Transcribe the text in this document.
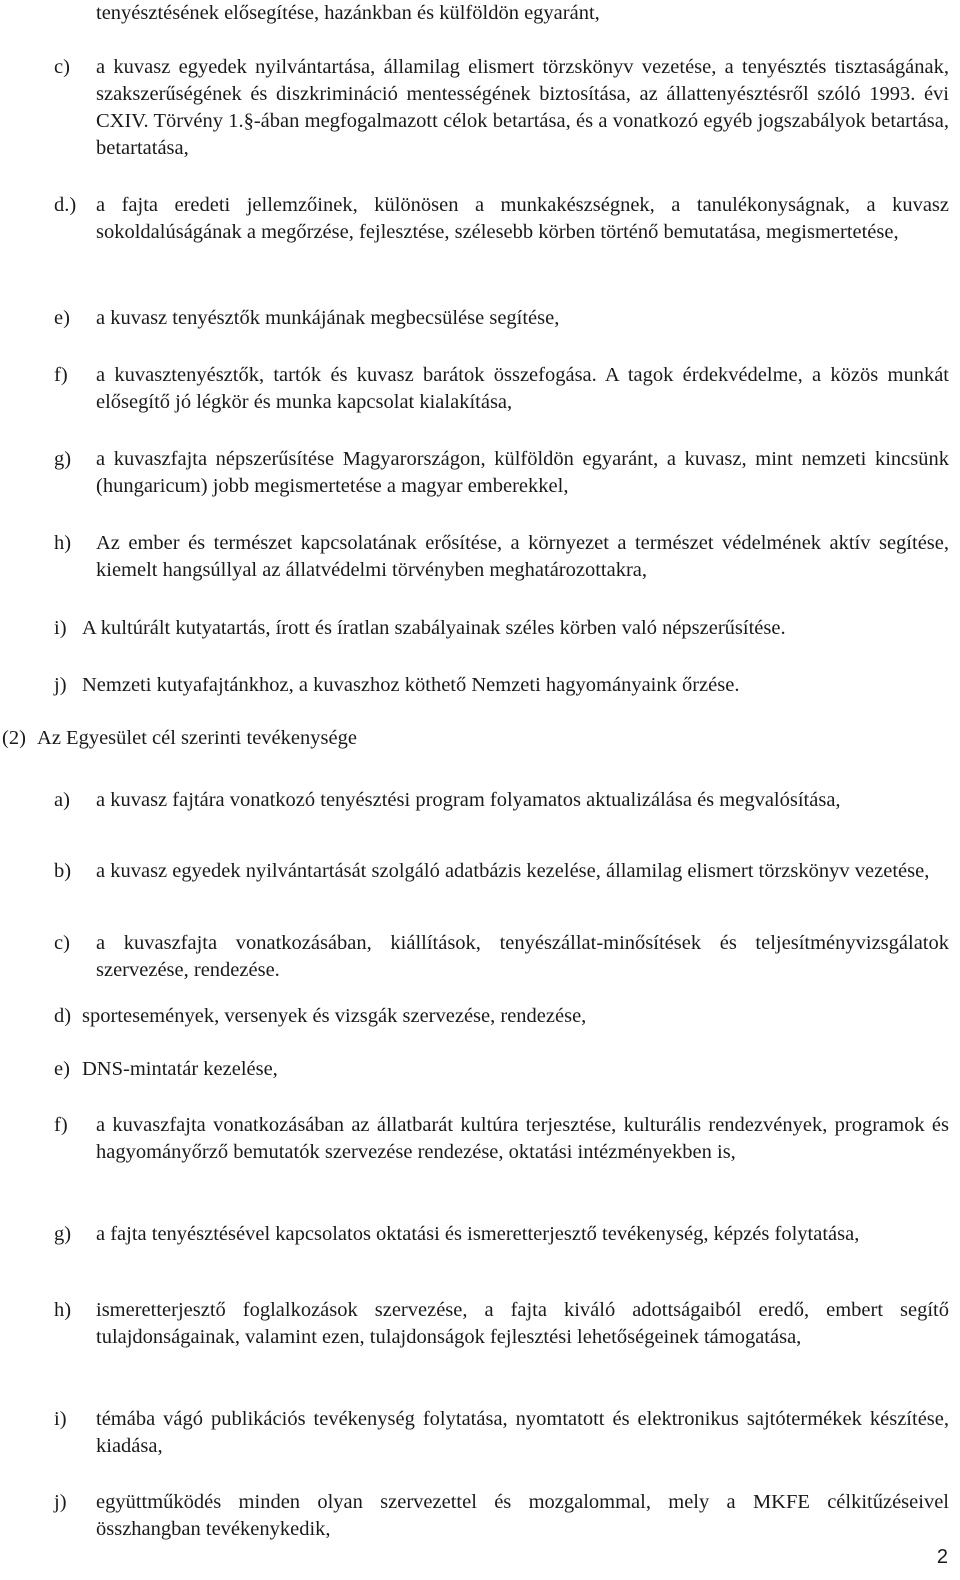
tenyésztésének elősegítése, hazánkban és külföldön egyaránt,
c)	a kuvasz egyedek nyilvántartása, államilag elismert törzskönyv vezetése, a tenyésztés tisztaságának, szakszerűségének és diszkrimináció mentességének biztosítása, az állattenyésztésről szóló 1993. évi CXIV. Törvény 1.§-ában megfogalmazott célok betartása, és a vonatkozó egyéb jogszabályok betartása, betartatása,
d.) a fajta eredeti jellemzőinek, különösen a munkakészségnek, a tanulékonyságnak, a kuvasz sokoldalúságának a megőrzése, fejlesztése, szélesebb körben történő bemutatása, megismertetése,
e)	a kuvasz tenyésztők munkájának megbecsülése segítése,
f)	a kuvasztenyésztők, tartók és kuvasz barátok összefogása. A tagok érdekvédelme, a közös munkát elősegítő jó légkör és munka kapcsolat kialakítása,
g)	a kuvaszfajta népszerűsítése Magyarországon, külföldön egyaránt, a kuvasz, mint nemzeti kincsünk (hungaricum) jobb megismertetése a magyar emberekkel,
h)	Az ember és természet kapcsolatának erősítése, a környezet a természet védelmének aktív segítése, kiemelt hangsúllyal az állatvédelmi törvényben meghatározottakra,
i) A kultúrált kutyatartás, írott és íratlan szabályainak széles körben való népszerűsítése.
j) Nemzeti kutyafajtánkhoz, a kuvaszhoz köthető Nemzeti hagyományaink őrzése.
(2) Az Egyesület cél szerinti tevékenysége
a)	a kuvasz fajtára vonatkozó tenyésztési program folyamatos aktualizálása és megvalósítása,
b)	a kuvasz egyedek nyilvántartását szolgáló adatbázis kezelése, államilag elismert törzskönyv vezetése,
c)	a kuvaszfajta vonatkozásában, kiállítások, tenyészállat-minősítések és teljesítményvizsgálatok szervezése, rendezése.
d) sportesemények, versenyek és vizsgák szervezése, rendezése,
e) DNS-mintatár kezelése,
f)	a kuvaszfajta vonatkozásában az állatbarát kultúra terjesztése, kulturális rendezvények, programok és hagyományőrző bemutatók szervezése rendezése, oktatási intézményekben is,
g)	a fajta tenyésztésével kapcsolatos oktatási és ismeretterjesztő tevékenység, képzés folytatása,
h)	ismeretterjesztő foglalkozások szervezése, a fajta kiváló adottságaiból eredő, embert segítő tulajdonságainak, valamint ezen, tulajdonságok fejlesztési lehetőségeinek támogatása,
i)	témába vágó publikációs tevékenység folytatása, nyomtatott és elektronikus sajtótermékek készítése, kiadása,
j)	együttműködés minden olyan szervezettel és mozgalommal, mely a MKFE célkitűzéseivel összhangban tevékenykedik,
2
